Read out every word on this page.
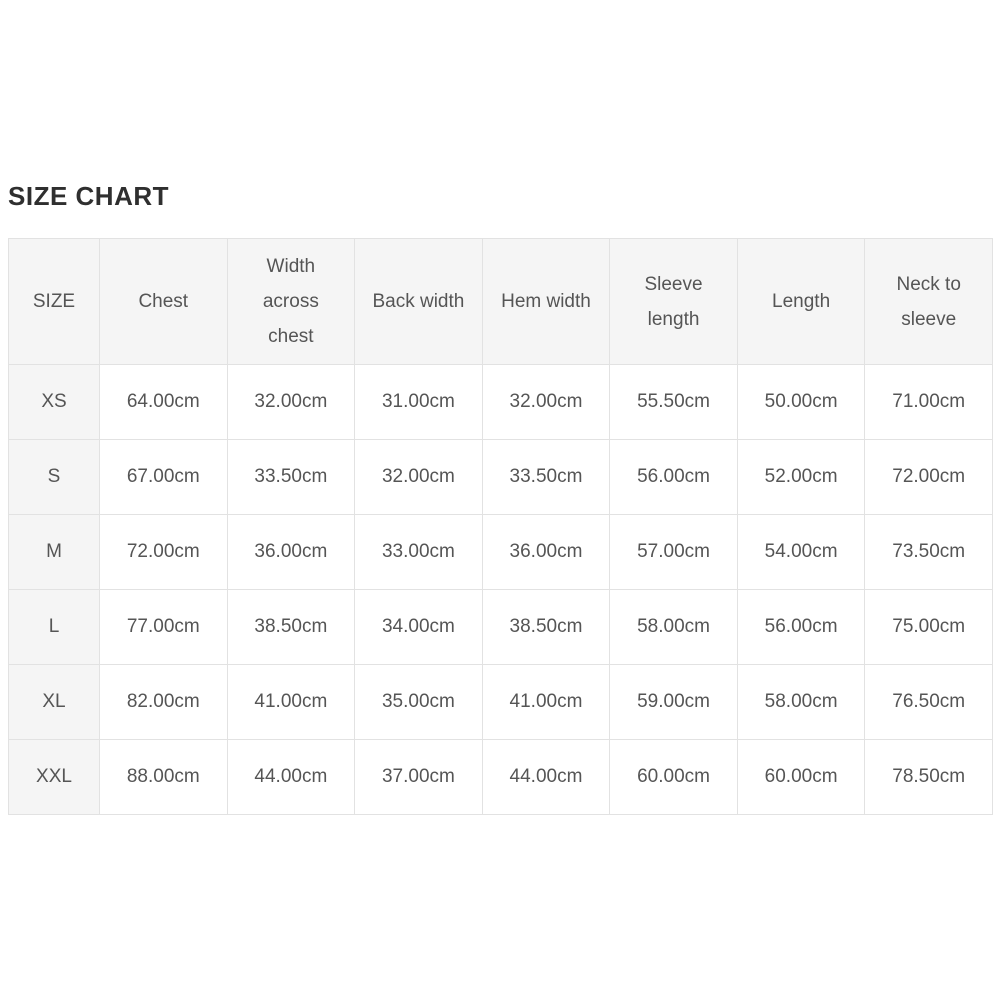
SIZE CHART
SIZE	Chest	Width across chest	Back width	Hem width	Sleeve length	Length	Neck to sleeve
XS	64.00cm	32.00cm	31.00cm	32.00cm	55.50cm	50.00cm	71.00cm
S	67.00cm	33.50cm	32.00cm	33.50cm	56.00cm	52.00cm	72.00cm
M	72.00cm	36.00cm	33.00cm	36.00cm	57.00cm	54.00cm	73.50cm
L	77.00cm	38.50cm	34.00cm	38.50cm	58.00cm	56.00cm	75.00cm
XL	82.00cm	41.00cm	35.00cm	41.00cm	59.00cm	58.00cm	76.50cm
XXL	88.00cm	44.00cm	37.00cm	44.00cm	60.00cm	60.00cm	78.50cm
